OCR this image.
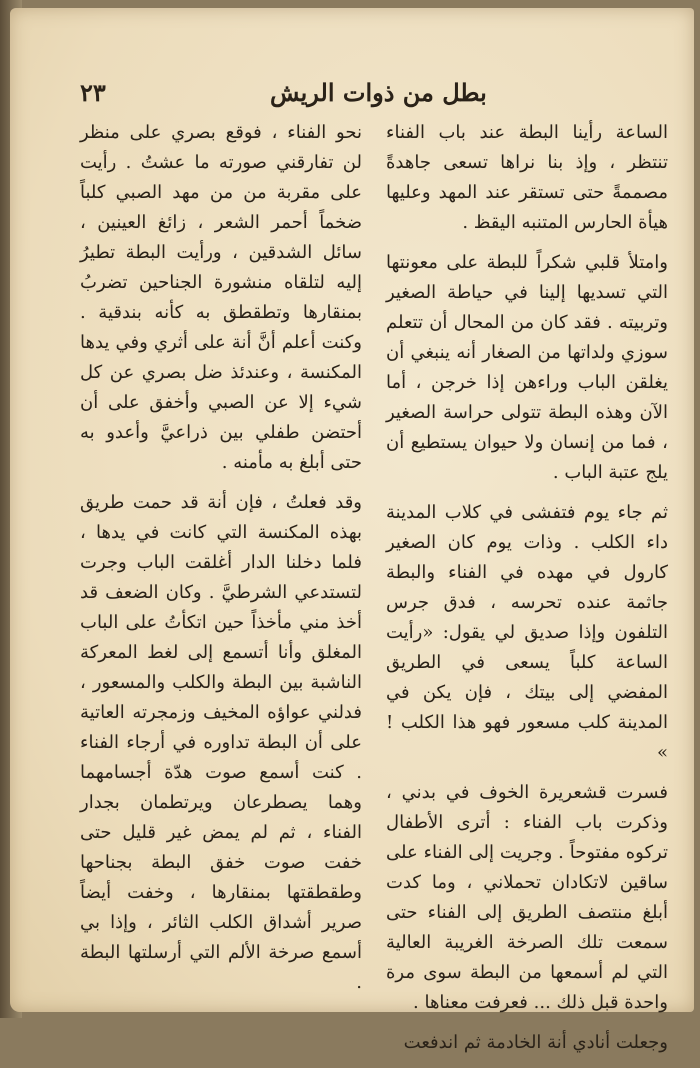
٢٣	بطل من ذوات الريش

الساعة رأينا البطة عند باب الفناء تنتظر ، وإذ بنا نراها تسعى جاهدةً مصممةً حتى تستقر عند المهد وعليها هيأة الحارس المتنبه اليقظ .

وامتلأ قلبي شكراً للبطة على معونتها التي تسديها إلينا في حياطة الصغير وتربيته . فقد كان من المحال أن تتعلم سوزي ولداتها من الصغار أنه ينبغي أن يغلقن الباب وراءهن إذا خرجن ، أما الآن وهذه البطة تتولى حراسة الصغير ، فما من إنسان ولا حيوان يستطيع أن يلج عتبة الباب .

ثم جاء يوم فتفشى في كلاب المدينة داء الكلب . وذات يوم كان الصغير كارول في مهده في الفناء والبطة جاثمة عنده تحرسه ، فدق جرس التلفون وإذا صديق لي يقول: «رأيت الساعة كلباً يسعى في الطريق المفضي إلى بيتك ، فإن يكن في المدينة كلب مسعور فهو هذا الكلب ! »

فسرت قشعريرة الخوف في بدني ، وذكرت باب الفناء : أترى الأطفال تركوه مفتوحاً . وجريت إلى الفناء على ساقين لاتكادان تحملاني ، وما كدت أبلغ منتصف الطريق إلى الفناء حتى سمعت تلك الصرخة الغريبة العالية التي لم أسمعها من البطة سوى مرة واحدة قبل ذلك ... فعرفت معناها .

وجعلت أنادي أنة الخادمة ثم اندفعت

نحو الفناء ، فوقع بصري على منظر لن تفارقني صورته ما عشتُ . رأيت على مقربة من من مهد الصبي كلباً ضخماً أحمر الشعر ، زائغ العينين ، سائل الشدقين ، ورأيت البطة تطيرُ إليه لتلقاه منشورة الجناحين تضربُ بمنقارها وتطقطق به كأنه بندقية . وكنت أعلم أنَّ أنة على أثري وفي يدها المكنسة ، وعندئذ ضل بصري عن كل شيء إلا عن الصبي وأخفق على أن أحتضن طفلي بين ذراعيَّ وأعدو به حتى أبلغ به مأمنه .

وقد فعلتُ ، فإن أنة قد حمت طريق بهذه المكنسة التي كانت في يدها ، فلما دخلنا الدار أغلقت الباب وجرت لتستدعي الشرطيَّ . وكان الضعف قد أخذ مني مأخذاً حين اتكأتُ على الباب المغلق وأنا أتسمع إلى لغط المعركة الناشبة بين البطة والكلب والمسعور ، فدلني عواؤه المخيف وزمجرته العاتية على أن البطة تداوره في أرجاء الفناء . كنت أسمع صوت هدّة أجسامهما وهما يصطرعان ويرتطمان بجدار الفناء ، ثم لم يمض غير قليل حتى خفت صوت خفق البطة بجناحها وطقطقتها بمنقارها ، وخفت أيضاً صرير أشداق الكلب الثائر ، وإذا بي أسمع صرخة الألم التي أرسلتها البطة .
